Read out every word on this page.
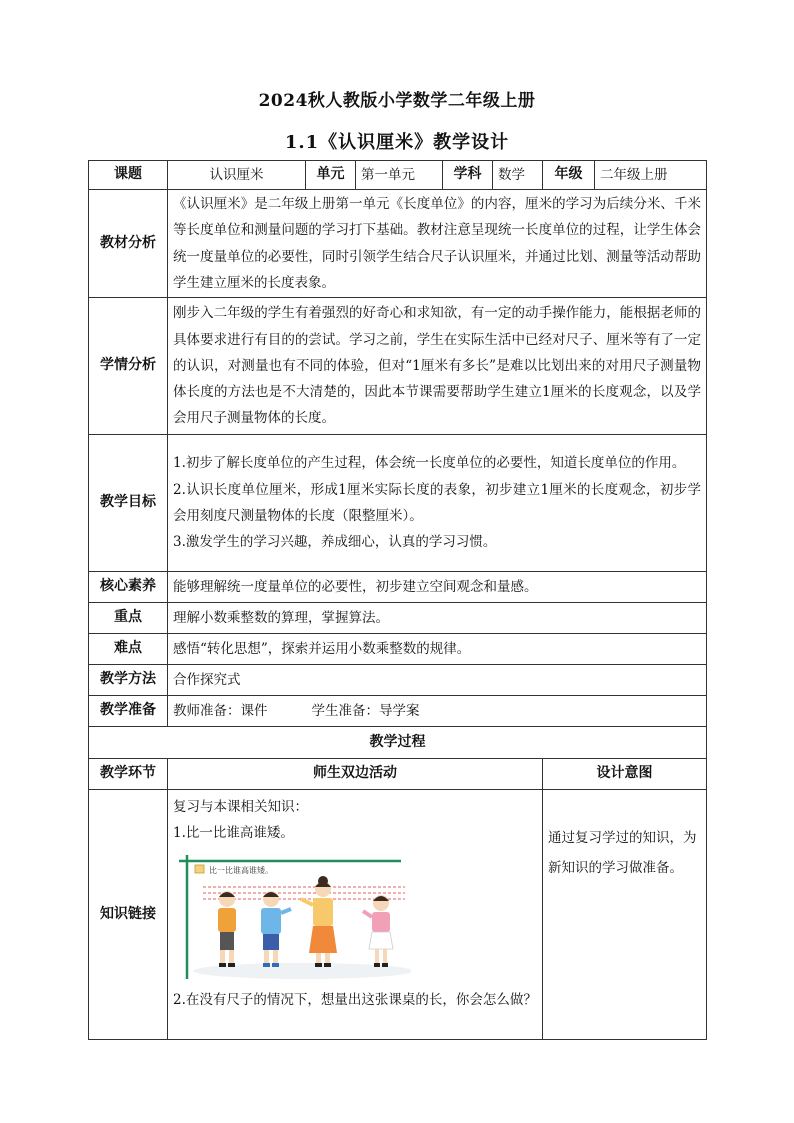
2024秋人教版小学数学二年级上册
1.1《认识厘米》教学设计
课题	认识厘米	单元	第一单元	学科	数学	年级	二年级上册
教材分析	《认识厘米》是二年级上册第一单元《长度单位》的内容，厘米的学习为后续分米、千米等长度单位和测量问题的学习打下基础。教材注意呈现统一长度单位的过程，让学生体会统一度量单位的必要性，同时引领学生结合尺子认识厘米，并通过比划、测量等活动帮助学生建立厘米的长度表象。						
学情分析	刚步入二年级的学生有着强烈的好奇心和求知欲，有一定的动手操作能力，能根据老师的具体要求进行有目的的尝试。学习之前，学生在实际生活中已经对尺子、厘米等有了一定的认识，对测量也有不同的体验，但对“1厘米有多长”是难以比划出来的对用尺子测量物体长度的方法也是不大清楚的，因此本节课需要帮助学生建立1厘米的长度观念，以及学会用尺子测量物体的长度。						
教学目标	1.初步了解长度单位的产生过程，体会统一长度单位的必要性，知道长度单位的作用。

2.认识长度单位厘米，形成1厘米实际长度的表象，初步建立1厘米的长度观念，初步学会用刻度尺测量物体的长度（限整厘米）。

3.激发学生的学习兴趣，养成细心，认真的学习习惯。						

核心素养	能够理解统一度量单位的必要性，初步建立空间观念和量感。						
重点	理解小数乘整数的算理，掌握算法。						
难点	感悟“转化思想”，探索并运用小数乘整数的规律。						
教学方法	合作探究式						
教学准备	教师准备：课件 学生准备：导学案						
教学过程							
教学环节	师生双边活动					设计意图	
知识链接	复习与本课相关知识：

1.比一比谁高谁矮。

比一比谁高谁矮。

2.在没有尺子的情况下，想量出这张课桌的长，你会怎么做？					通过复习学过的知识，为新知识的学习做准备。	
